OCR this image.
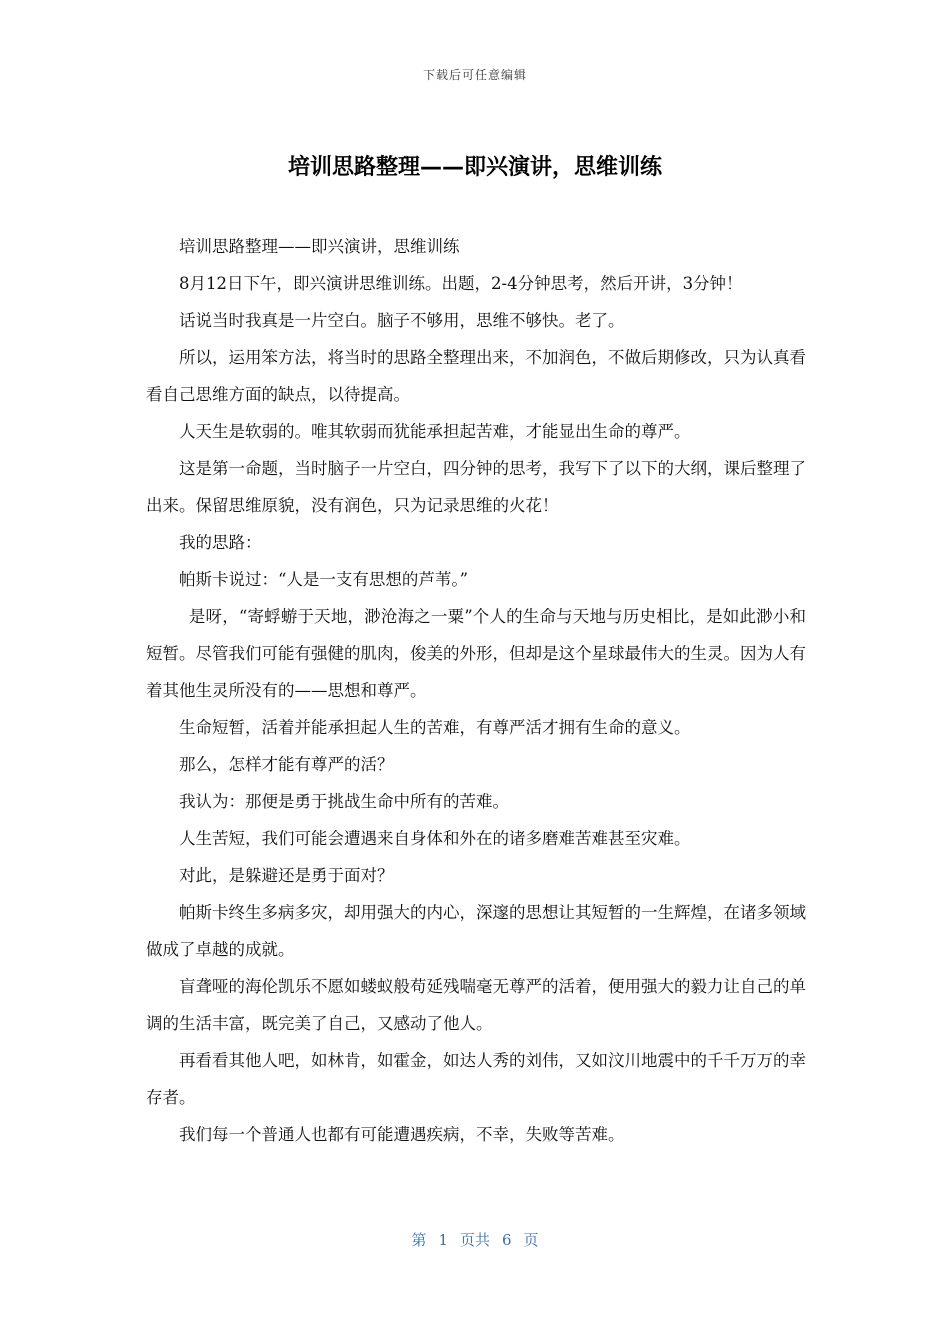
下载后可任意编辑
培训思路整理——即兴演讲，思维训练

培训思路整理——即兴演讲，思维训练

8月12日下午，即兴演讲思维训练。出题，2-4分钟思考，然后开讲，3分钟！

话说当时我真是一片空白。脑子不够用，思维不够快。老了。

所以，运用笨方法，将当时的思路全整理出来，不加润色，不做后期修改，只为认真看看自己思维方面的缺点，以待提高。

人天生是软弱的。唯其软弱而犹能承担起苦难，才能显出生命的尊严。

这是第一命题，当时脑子一片空白，四分钟的思考，我写下了以下的大纲，课后整理了出来。保留思维原貌，没有润色，只为记录思维的火花！

我的思路：

帕斯卡说过：“人是一支有思想的芦苇。”

是呀，“寄蜉蝣于天地，渺沧海之一粟”个人的生命与天地与历史相比，是如此渺小和短暂。尽管我们可能有强健的肌肉，俊美的外形，但却是这个星球最伟大的生灵。因为人有着其他生灵所没有的——思想和尊严。

生命短暂，活着并能承担起人生的苦难，有尊严活才拥有生命的意义。

那么，怎样才能有尊严的活？

我认为：那便是勇于挑战生命中所有的苦难。

人生苦短，我们可能会遭遇来自身体和外在的诸多磨难苦难甚至灾难。

对此，是躲避还是勇于面对？

帕斯卡终生多病多灾，却用强大的内心，深邃的思想让其短暂的一生辉煌，在诸多领域做成了卓越的成就。

盲聋哑的海伦凯乐不愿如蝼蚁般苟延残喘毫无尊严的活着，便用强大的毅力让自己的单调的生活丰富，既完美了自己，又感动了他人。

再看看其他人吧，如林肯，如霍金，如达人秀的刘伟，又如汶川地震中的千千万万的幸存者。

我们每一个普通人也都有可能遭遇疾病，不幸，失败等苦难。

第 1 页共 6 页
